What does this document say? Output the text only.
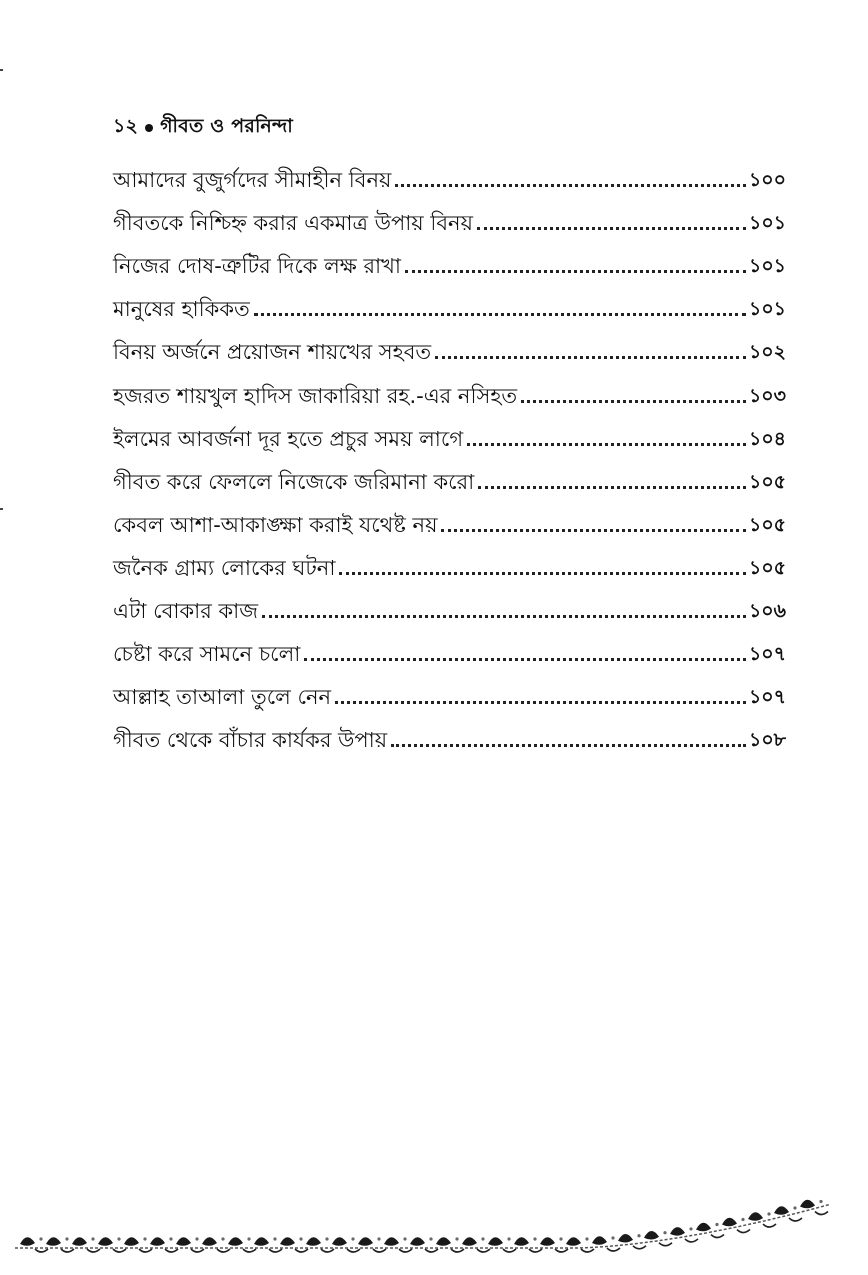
১২ গীবত ও পরনিন্দা
আমাদের বুজুর্গদের সীমাহীন বিনয়	১০০
গীবতকে নিশ্চিহ্ন করার একমাত্র উপায় বিনয়	১০১
নিজের দোষ-ত্রুটির দিকে লক্ষ রাখা	১০১
মানুষের হাকিকত	১০১
বিনয় অর্জনে প্রয়োজন শায়খের সহবত	১০২
হজরত শায়খুল হাদিস জাকারিয়া রহ.-এর নসিহত	১০৩
ইলমের আবর্জনা দূর হতে প্রচুর সময় লাগে	১০৪
গীবত করে ফেললে নিজেকে জরিমানা করো	১০৫
কেবল আশা-আকাঙ্ক্ষা করাই যথেষ্ট নয়	১০৫
জনৈক গ্রাম্য লোকের ঘটনা	১০৫
এটা বোকার কাজ	১০৬
চেষ্টা করে সামনে চলো	১০৭
আল্লাহ তাআলা তুলে নেন	১০৭
গীবত থেকে বাঁচার কার্যকর উপায়	১০৮
